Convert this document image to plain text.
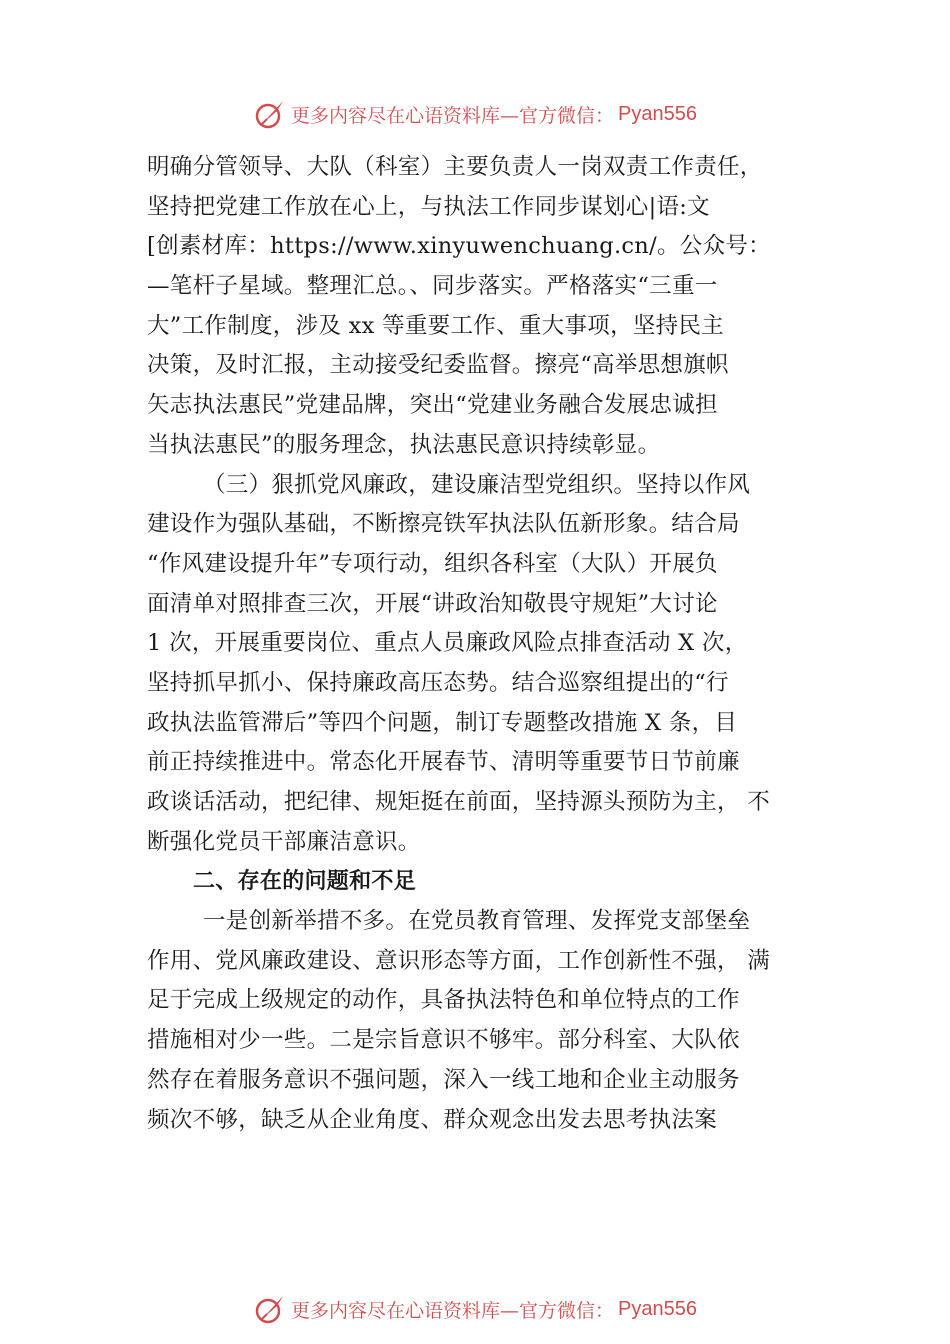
更多内容尽在心语资料库—官方微信： Pyan556
明确分管领导、大队（科室）主要负责人一岗双责工作责任，
坚持把党建工作放在心上，与执法工作同步谋划心|语:文
[创素材库：https://www.xinyuwenchuang.cn/。公众号：
—笔杆子星域。整理汇总。、同步落实。严格落实“三重一
大”工作制度，涉及 xx 等重要工作、重大事项，坚持民主
决策，及时汇报，主动接受纪委监督。擦亮“高举思想旗帜
矢志执法惠民”党建品牌，突出“党建业务融合发展忠诚担
当执法惠民”的服务理念，执法惠民意识持续彰显。
（三）狠抓党风廉政，建设廉洁型党组织。坚持以作风
建设作为强队基础，不断擦亮铁军执法队伍新形象。结合局
“作风建设提升年”专项行动，组织各科室（大队）开展负
面清单对照排查三次，开展“讲政治知敬畏守规矩”大讨论
1 次，开展重要岗位、重点人员廉政风险点排查活动 X 次，
坚持抓早抓小、保持廉政高压态势。结合巡察组提出的“行
政执法监管滞后”等四个问题，制订专题整改措施 X 条，目
前正持续推进中。常态化开展春节、清明等重要节日节前廉
政谈话活动，把纪律、规矩挺在前面，坚持源头预防为主， 不
断强化党员干部廉洁意识。
二、存在的问题和不足
一是创新举措不多。在党员教育管理、发挥党支部堡垒
作用、党风廉政建设、意识形态等方面，工作创新性不强， 满
足于完成上级规定的动作，具备执法特色和单位特点的工作
措施相对少一些。二是宗旨意识不够牢。部分科室、大队依
然存在着服务意识不强问题，深入一线工地和企业主动服务
频次不够，缺乏从企业角度、群众观念出发去思考执法案
更多内容尽在心语资料库—官方微信： Pyan556
